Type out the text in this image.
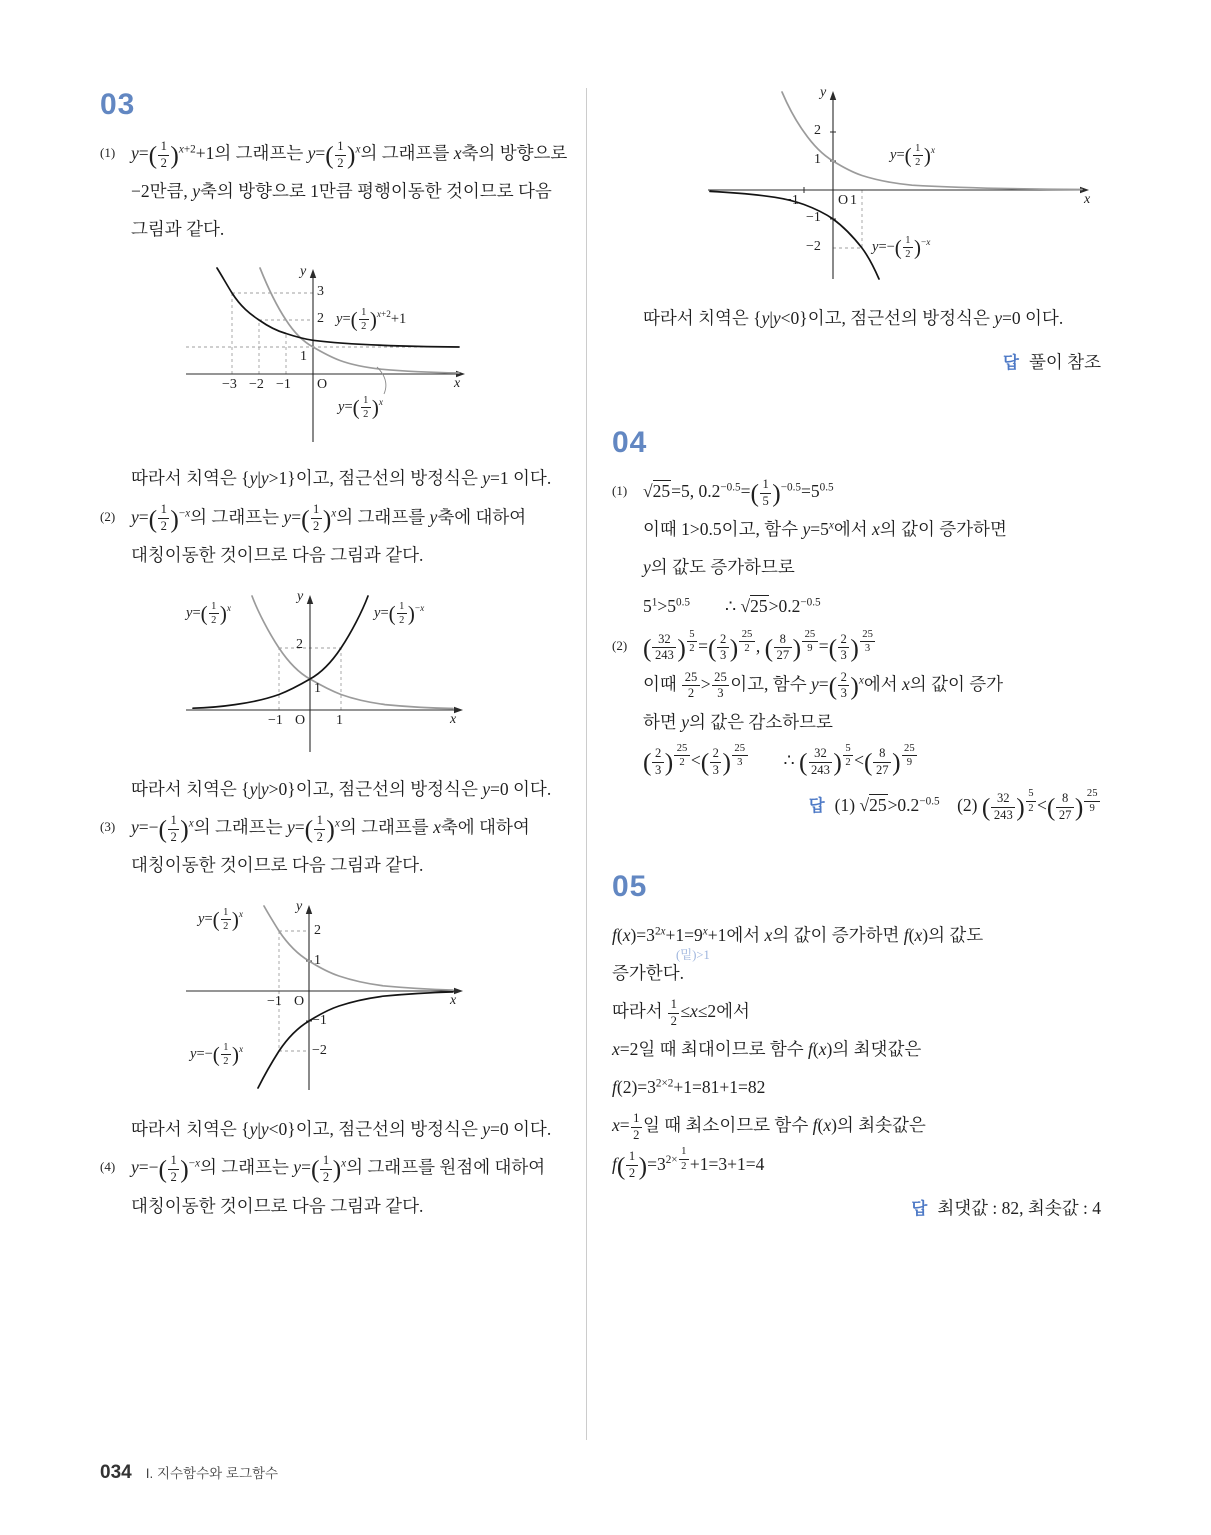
03
(1) $y=( \frac{1}{2} )^{x+2}+1$의 그래프는 $y=( \frac{1}{2} )^x$의 그래프를 x축의 방향으로 −2만큼, y축의 방향으로 1만큼 평행이동한 것이므로 다음 그림과 같다.
3
2
1
−3 −2 −1 O	x
y
$y=( \frac{1}{2} )^{x+2}+1$
$y=( \frac{1}{2} )^x$
따라서 치역은 {y|y>1}이고, 점근선의 방정식은 y=1 이다.
(2) $y=( \frac{1}{2} )^{-x}$의 그래프는 $y=( \frac{1}{2} )^x$의 그래프를 y축에 대하여 대칭이동한 것이므로 다음 그림과 같다.
2
1
−1 O 1	x
y
$y=( \frac{1}{2} )^x$	$y=( \frac{1}{2} )^{-x}$
따라서 치역은 {y|y>0}이고, 점근선의 방정식은 y=0 이다.
(3) $y=-( \frac{1}{2} )^x$의 그래프는 $y=( \frac{1}{2} )^x$의 그래프를 x축에 대하여 대칭이동한 것이므로 다음 그림과 같다.
2
1
−1
−2
−1 O	x
y
$y=( \frac{1}{2} )^x$
$y=-( \frac{1}{2} )^x$
따라서 치역은 {y|y<0}이고, 점근선의 방정식은 y=0 이다.
(4) $y=-( \frac{1}{2} )^{-x}$의 그래프는 $y=( \frac{1}{2} )^x$의 그래프를 원점에 대하여 대칭이동한 것이므로 다음 그림과 같다.
2
1
−1
−2
−1	O 1	x
y
$y=( \frac{1}{2} )^x$
$y=-( \frac{1}{2} )^{-x}$
따라서 치역은 {y|y<0}이고, 점근선의 방정식은 y=0 이다.
답 풀이 참조
04
(1) √25=5, $0.2^{-0.5}=( \frac{1}{5} )^{-0.5}=5^{0.5}$
이때 1>0.5이고, 함수 $y=5^x$에서 x의 값이 증가하면
y의 값도 증가하므로
$5^1>5^{0.5}$  ∴ $√25>0.2^{-0.5}$
(2) ( $\frac{32}{243}$ ) $^{\frac{5}{2}}$ =( $\frac{2}{3}$ ) $^{\frac{25}{2}}$ , ( $\frac{8}{27}$ ) $^{\frac{25}{9}}$ =( $\frac{2}{3}$ ) $^{\frac{25}{3}}$
이때 $\frac{25}{2} > \frac{25}{3}$ 이고, 함수 $y=( \frac{2}{3} )^x$에서 x의 값이 증가
하면 y의 값은 감소하므로
( $\frac{2}{3}$ ) $^{\frac{25}{2}}$ <( $\frac{2}{3}$ ) $^{\frac{25}{3}}$   ∴ ( $\frac{32}{243}$ ) $^{\frac{5}{2}}$ <( $\frac{8}{27}$ ) $^{\frac{25}{9}}$
답 (1) $√25>0.2^{-0.5}$ (2) ( $\frac{32}{243}$ ) $^{\frac{5}{2}}$ <( $\frac{8}{27}$ ) $^{\frac{25}{9}}$
05
$f(x)=3^{2x}+1=9^x+1$에서 x의 값이 증가하면 f(x)의 값도
(밑)>1
증가한다.
따라서 $\frac{1}{2} \le x\le 2$에서
x=2일 때 최대이므로 함수 f(x)의 최댓값은
$f(2)=3^{2\times 2}+1=81+1=82$
$x= \frac{1}{2}$ 일 때 최소이므로 함수 f(x)의 최솟값은
$f( \frac{1}{2} )=3^{2\times \frac{1}{2}} +1=3+1=4$
답 최댓값 : 82, 최솟값 : 4
034 I. 지수함수와 로그함수
